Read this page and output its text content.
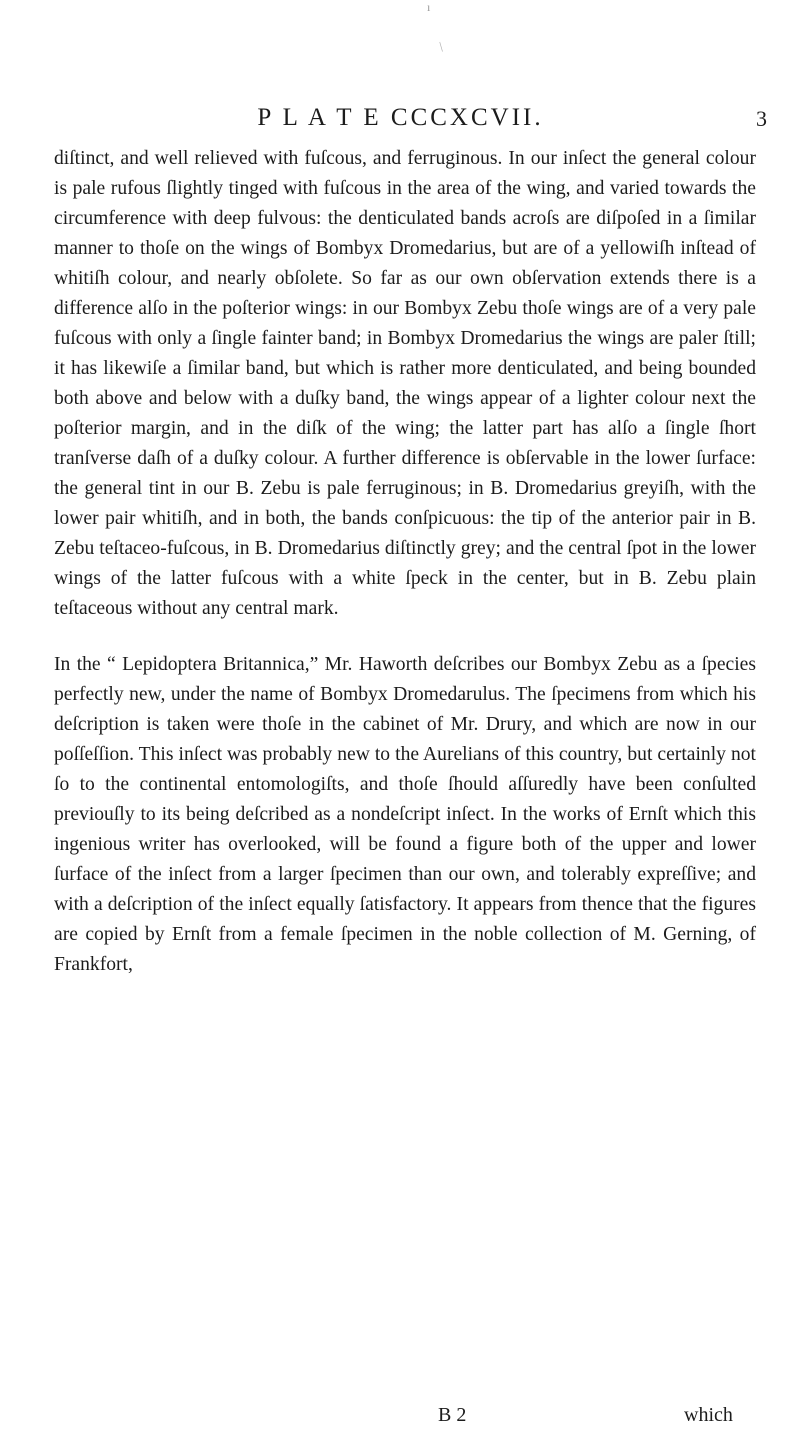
ı
/
P L A T E CCCXCVII.	3

diſtinct, and well relieved with fuſcous, and ferruginous. In our inſect the general colour is pale rufous ſlightly tinged with fuſcous in the area of the wing, and varied towards the circumference with deep fulvous: the denticulated bands acroſs are diſpoſed in a ſimilar manner to thoſe on the wings of Bombyx Dromedarius, but are of a yellowiſh inſtead of whitiſh colour, and nearly obſolete. So far as our own obſervation extends there is a difference alſo in the poſterior wings: in our Bombyx Zebu thoſe wings are of a very pale fuſcous with only a ſingle fainter band; in Bombyx Dromedarius the wings are paler ſtill; it has likewiſe a ſimilar band, but which is rather more denticulated, and being bounded both above and below with a duſky band, the wings appear of a lighter colour next the poſterior margin, and in the diſk of the wing; the latter part has alſo a ſingle ſhort tranſverse daſh of a duſky colour. A further difference is obſervable in the lower ſurface: the general tint in our B. Zebu is pale ferruginous; in B. Dromedarius greyiſh, with the lower pair whitiſh, and in both, the bands conſpicuous: the tip of the anterior pair in B. Zebu teſtaceo-fuſcous, in B. Dromedarius diſtinctly grey; and the central ſpot in the lower wings of the latter fuſcous with a white ſpeck in the center, but in B. Zebu plain teſtaceous without any central mark.

In the “ Lepidoptera Britannica,” Mr. Haworth deſcribes our Bombyx Zebu as a ſpecies perfectly new, under the name of Bombyx Dromedarulus. The ſpecimens from which his deſcription is taken were thoſe in the cabinet of Mr. Drury, and which are now in our poſſeſſion. This inſect was probably new to the Aurelians of this country, but certainly not ſo to the continental entomologiſts, and thoſe ſhould aſſuredly have been conſulted previouſly to its being deſcribed as a nondeſcript inſect. In the works of Ernſt which this ingenious writer has overlooked, will be found a figure both of the upper and lower ſurface of the inſect from a larger ſpecimen than our own, and tolerably expreſſive; and with a deſcription of the inſect equally ſatisfactory. It appears from thence that the figures are copied by Ernſt from a female ſpecimen in the noble collection of M. Gerning, of Frankfort,

B 2	which
